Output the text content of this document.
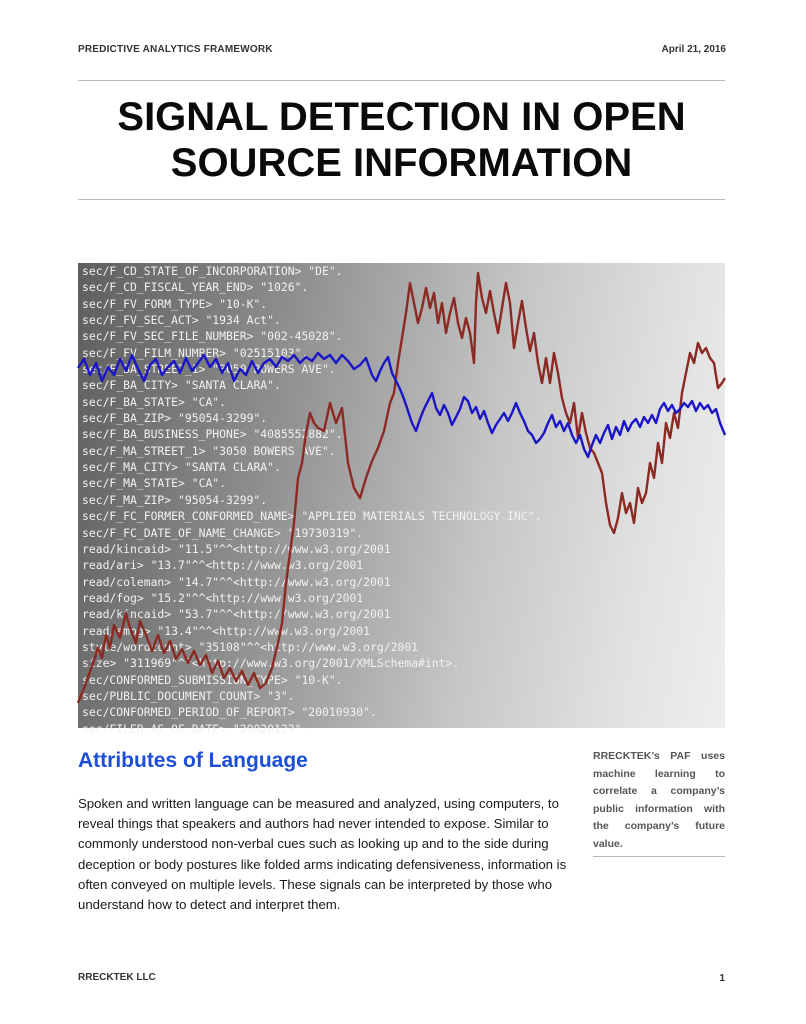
PREDICTIVE ANALYTICS FRAMEWORK	April 21, 2016
SIGNAL DETECTION IN OPEN
SOURCE INFORMATION
sec/F_CD_STATE_OF_INCORPORATION> "DE".
sec/F_CD_FISCAL_YEAR_END> "1026".
sec/F_FV_FORM_TYPE> "10-K".
sec/F_FV_SEC_ACT> "1934 Act".
sec/F_FV_SEC_FILE_NUMBER> "002-45028".
sec/F_FV_FILM_NUMBER> "02515103".
sec/F_BA_STREET_1> "3050 BOWERS AVE".
sec/F_BA_CITY> "SANTA CLARA".
sec/F_BA_STATE> "CA".
sec/F_BA_ZIP> "95054-3299".
sec/F_BA_BUSINESS_PHONE> "4085552882".
sec/F_MA_STREET_1> "3050 BOWERS AVE".
sec/F_MA_CITY> "SANTA CLARA".
sec/F_MA_STATE> "CA".
sec/F_MA_ZIP> "95054-3299".
sec/F_FC_FORMER_CONFORMED_NAME> "APPLIED MATERIALS TECHNOLOGY INC".
sec/F_FC_DATE_OF_NAME_CHANGE> "19730319".
read/kincaid> "11.5"^^<http://www.w3.org/2001
read/ari> "13.7"^^<http://www.w3.org/2001
read/coleman> "14.7"^^<http://www.w3.org/2001
read/fog> "15.2"^^<http://www.w3.org/2001
read/kincaid> "53.7"^^<http://www.w3.org/2001
read/smog> "13.4"^^<http://www.w3.org/2001
style/wordcount> "35108"^^<http://www.w3.org/2001
size> "311969"^^<http://www.w3.org/2001/XMLSchema#int>.
sec/CONFORMED_SUBMISSION_TYPE> "10-K".
sec/PUBLIC_DOCUMENT_COUNT> "3".
sec/CONFORMED_PERIOD_OF_REPORT> "20010930".
sec/FILED_AS_OF_DATE> "20020123".
Attributes of Language

Spoken and written language can be measured and analyzed, using computers, to reveal things that speakers and authors had never intended to expose. Similar to commonly understood non-verbal cues such as looking up and to the side during deception or body postures like folded arms indicating defensiveness, information is often conveyed on multiple levels. These signals can be interpreted by those who understand how to detect and interpret them.

RRECKTEK’s PAF uses machine learning to correlate a company’s public information with the company’s future value.

RRECKTEK LLC	1
